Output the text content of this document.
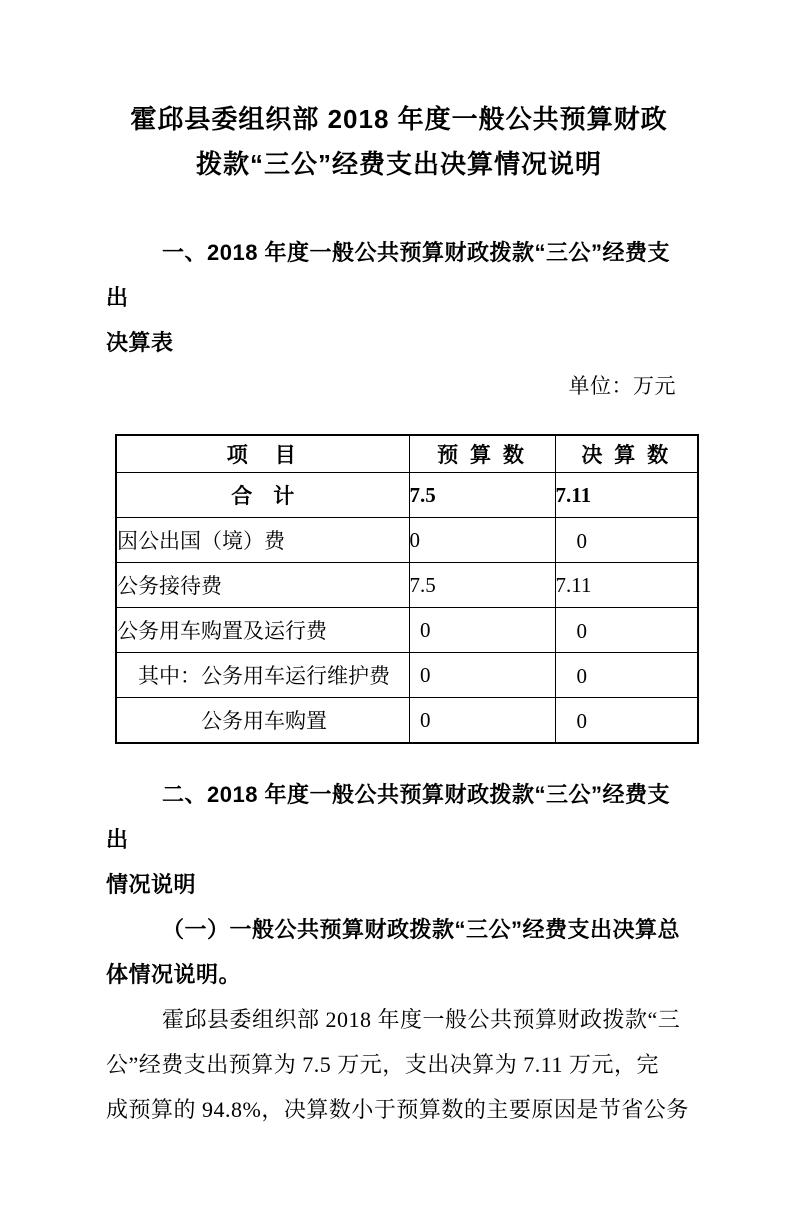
霍邱县委组织部 2018 年度一般公共预算财政
拨款“三公”经费支出决算情况说明
一、2018 年度一般公共预算财政拨款“三公”经费支出
决算表
单位：万元
项　目	预 算 数	决 算 数
合　计	7.5	7.11
因公出国（境）费	0	　0
公务接待费	7.5	7.11
公务用车购置及运行费	0	　0
　其中：公务用车运行维护费	0	　0
　　　　公务用车购置	0	　0
二、2018 年度一般公共预算财政拨款“三公”经费支出
情况说明
（一）一般公共预算财政拨款“三公”经费支出决算总
体情况说明。
霍邱县委组织部 2018 年度一般公共预算财政拨款“三
公”经费支出预算为 7.5 万元，支出决算为 7.11 万元，完
成预算的 94.8%，决算数小于预算数的主要原因是节省公务
